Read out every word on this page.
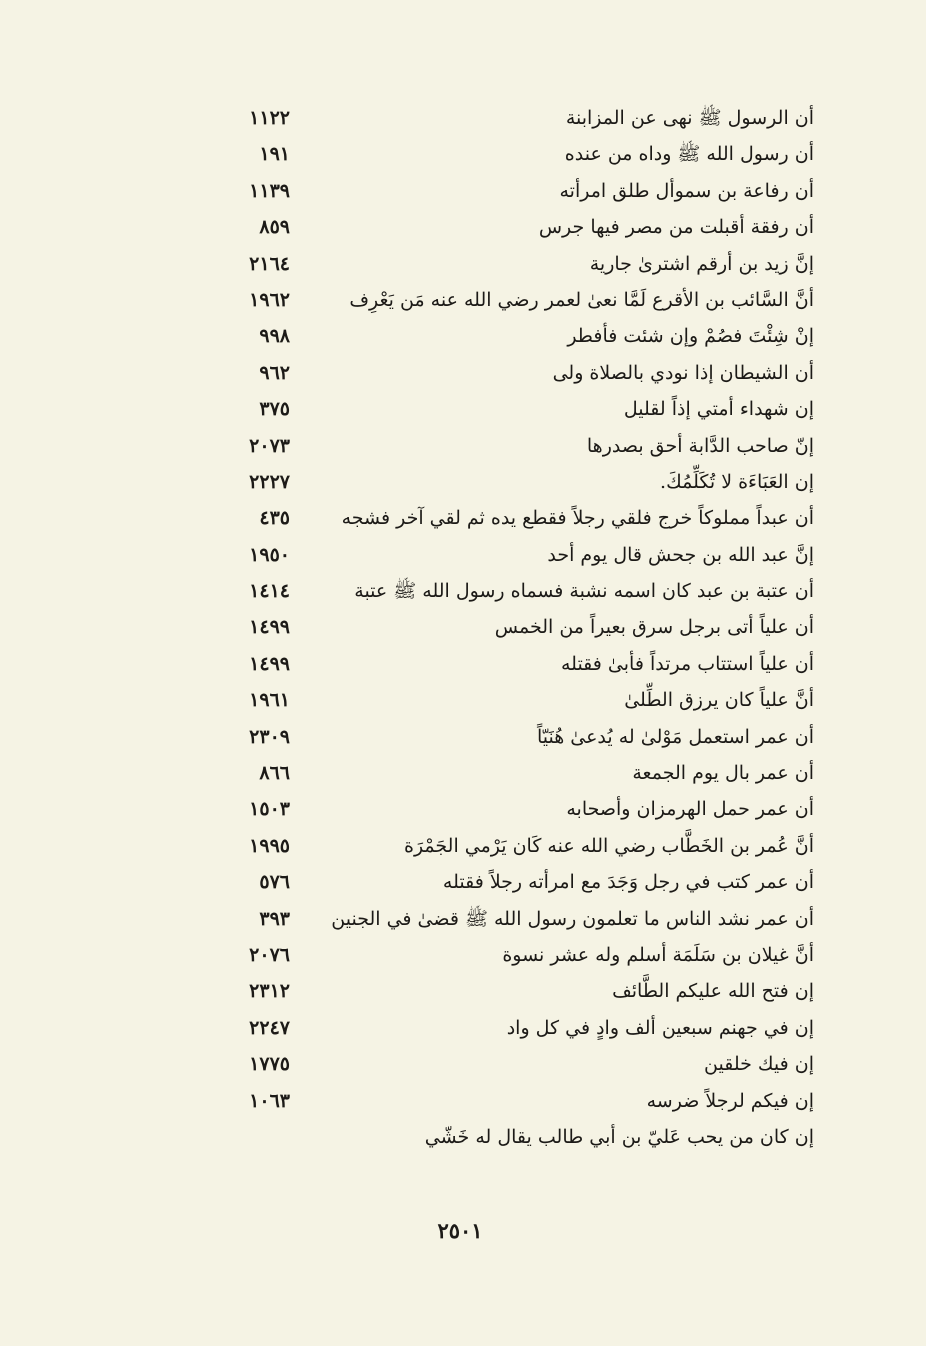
أن الرسول ﷺ نهى عن المزابنة
١١٢٢
أن رسول الله ﷺ وداه من عنده
١٩١
أن رفاعة بن سموأل طلق امرأته
١١٣٩
أن رفقة أقبلت من مصر فيها جرس
٨٥٩
إنَّ زيد بن أرقم اشترىٰ جارية
٢١٦٤
أنَّ السَّائب بن الأقرع لَمَّا نعىٰ لعمر رضي الله عنه مَن يَعْرِف
١٩٦٢
إنْ شِئْتَ فصُمْ وإن شئت فأفطر
٩٩٨
أن الشيطان إذا نودي بالصلاة ولى
٩٦٢
إن شهداء أمتي إذاً لقليل
٣٧٥
إنّ صاحب الدَّابة أحق بصدرها
٢٠٧٣
إن العَبَاءَة لا تُكَلِّمُكَ.
٢٢٢٧
أن عبداً مملوكاً خرج فلقي رجلاً فقطع يده ثم لقي آخر فشجه
٤٣٥
إنَّ عبد الله بن جحش قال يوم أحد
١٩٥٠
أن عتبة بن عبد كان اسمه نشبة فسماه رسول الله ﷺ عتبة
١٤١٤
أن علياً أتى برجل سرق بعيراً من الخمس
١٤٩٩
أن علياً استتاب مرتداً فأبىٰ فقتله
١٤٩٩
أنَّ علياً كان يرزق الطِّلىٰ
١٩٦١
أن عمر استعمل مَوْلىٰ له يُدعىٰ هُنَيّاً
٢٣٠٩
أن عمر بال يوم الجمعة
٨٦٦
أن عمر حمل الهرمزان وأصحابه
١٥٠٣
أنَّ عُمر بن الخَطَّاب رضي الله عنه كَان يَرْمي الجَمْرَة
١٩٩٥
أن عمر كتب في رجل وَجَدَ مع امرأته رجلاً فقتله
٥٧٦
أن عمر نشد الناس ما تعلمون رسول الله ﷺ قضىٰ في الجنين
٣٩٣
أنَّ غيلان بن سَلَمَة أسلم وله عشر نسوة
٢٠٧٦
إن فتح الله عليكم الطَّائف
٢٣١٢
إن في جهنم سبعين ألف وادٍ في كل واد
٢٢٤٧
إن فيك خلقين
١٧٧٥
إن فيكم لرجلاً ضرسه
١٠٦٣
إن كان من يحب عَليّ بن أبي طالب يقال له خَشّي
٢٥٠١
